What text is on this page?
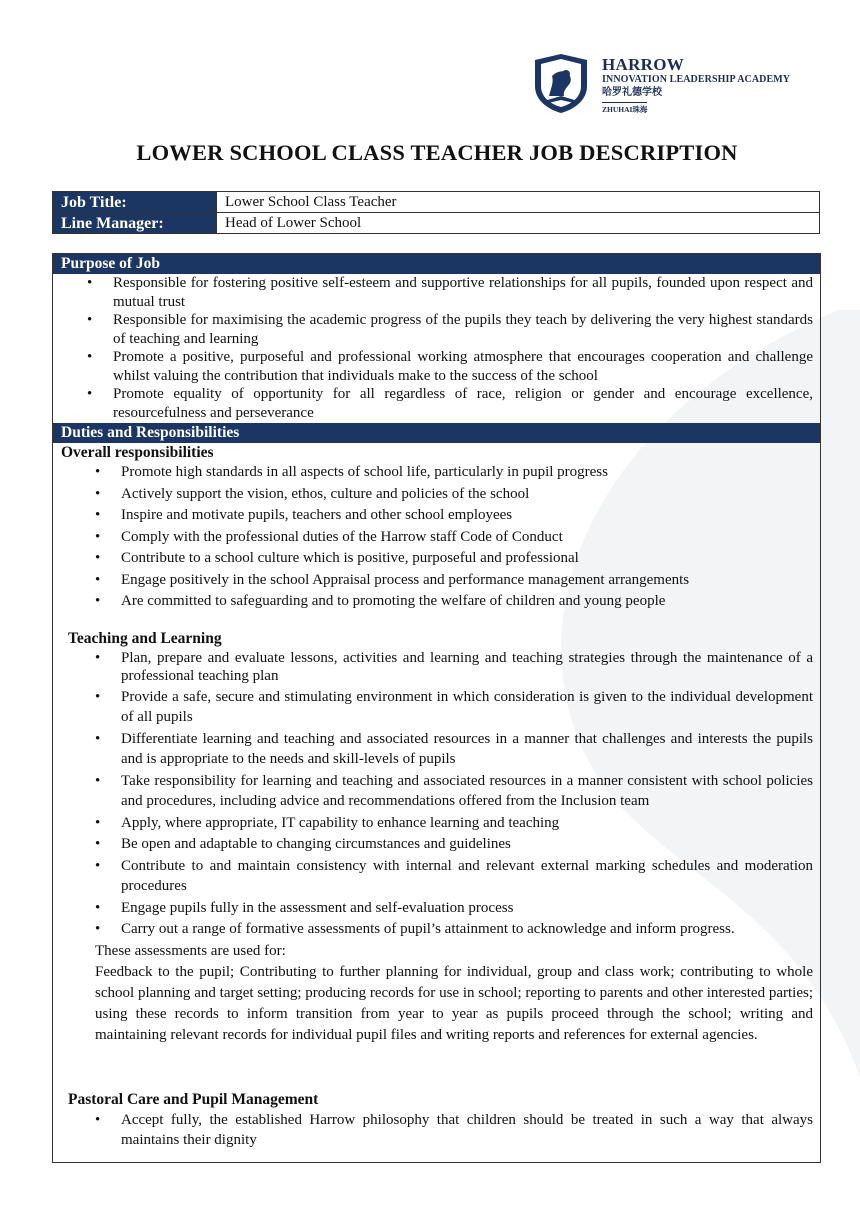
HARROW
INNOVATION LEADERSHIP ACADEMY
哈罗礼德学校
ZHUHAI珠海
LOWER SCHOOL CLASS TEACHER JOB DESCRIPTION
Job Title:	Lower School Class Teacher
Line Manager:	Head of Lower School
Purpose of Job
• Responsible for fostering positive self-esteem and supportive relationships for all pupils, founded upon respect and mutual trust
• Responsible for maximising the academic progress of the pupils they teach by delivering the very highest standards of teaching and learning
• Promote a positive, purposeful and professional working atmosphere that encourages cooperation and challenge whilst valuing the contribution that individuals make to the success of the school
• Promote equality of opportunity for all regardless of race, religion or gender and encourage excellence, resourcefulness and perseverance
Duties and Responsibilities
Overall responsibilities
• Promote high standards in all aspects of school life, particularly in pupil progress
• Actively support the vision, ethos, culture and policies of the school
• Inspire and motivate pupils, teachers and other school employees
• Comply with the professional duties of the Harrow staff Code of Conduct
• Contribute to a school culture which is positive, purposeful and professional
• Engage positively in the school Appraisal process and performance management arrangements
• Are committed to safeguarding and to promoting the welfare of children and young people
Teaching and Learning
• Plan, prepare and evaluate lessons, activities and learning and teaching strategies through the maintenance of a professional teaching plan
• Provide a safe, secure and stimulating environment in which consideration is given to the individual development of all pupils
• Differentiate learning and teaching and associated resources in a manner that challenges and interests the pupils and is appropriate to the needs and skill-levels of pupils
• Take responsibility for learning and teaching and associated resources in a manner consistent with school policies and procedures, including advice and recommendations offered from the Inclusion team
• Apply, where appropriate, IT capability to enhance learning and teaching
• Be open and adaptable to changing circumstances and guidelines
• Contribute to and maintain consistency with internal and relevant external marking schedules and moderation procedures
• Engage pupils fully in the assessment and self-evaluation process
• Carry out a range of formative assessments of pupil’s attainment to acknowledge and inform progress.
These assessments are used for:
Feedback to the pupil; Contributing to further planning for individual, group and class work; contributing to whole school planning and target setting; producing records for use in school; reporting to parents and other interested parties; using these records to inform transition from year to year as pupils proceed through the school; writing and maintaining relevant records for individual pupil files and writing reports and references for external agencies.
Pastoral Care and Pupil Management
• Accept fully, the established Harrow philosophy that children should be treated in such a way that always maintains their dignity
